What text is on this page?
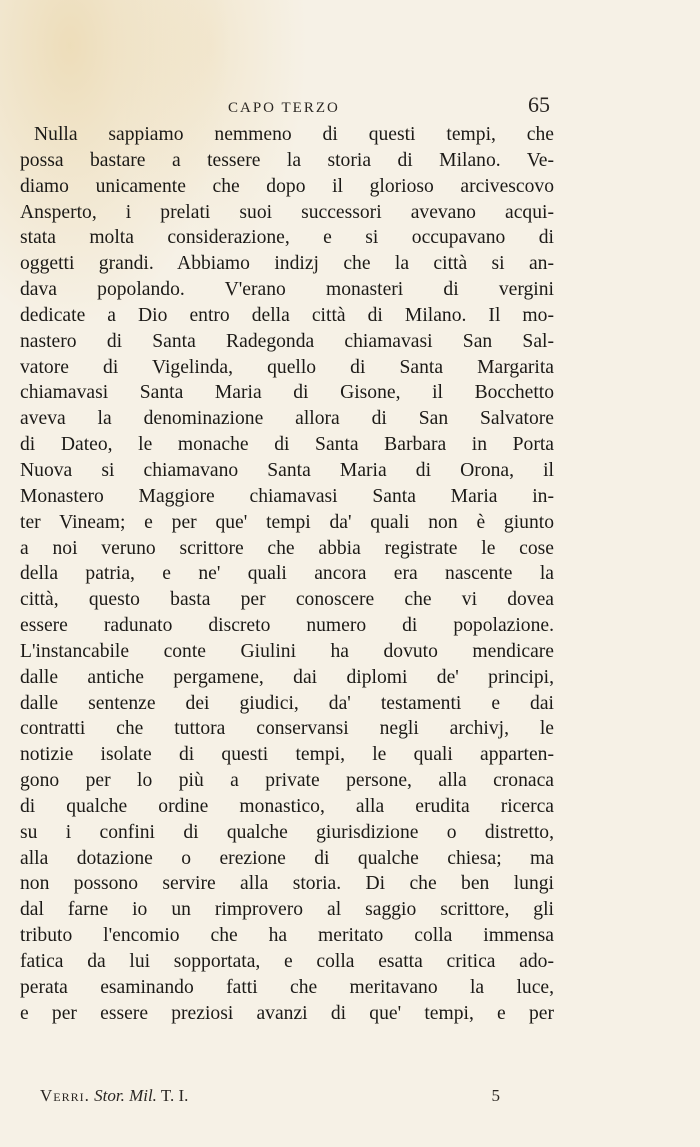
CAPO TERZO	65
Nulla sappiamo nemmeno di questi tempi, che
possa bastare a tessere la storia di Milano. Ve-
diamo unicamente che dopo il glorioso arcivescovo
Ansperto, i prelati suoi successori avevano acqui-
stata molta considerazione, e si occupavano di
oggetti grandi. Abbiamo indizj che la città si an-
dava popolando. V'erano monasteri di vergini
dedicate a Dio entro della città di Milano. Il mo-
nastero di Santa Radegonda chiamavasi San Sal-
vatore di Vigelinda, quello di Santa Margarita
chiamavasi Santa Maria di Gisone, il Bocchetto
aveva la denominazione allora di San Salvatore
di Dateo, le monache di Santa Barbara in Porta
Nuova si chiamavano Santa Maria di Orona, il
Monastero Maggiore chiamavasi Santa Maria in-
ter Vineam; e per que' tempi da' quali non è giunto
a noi veruno scrittore che abbia registrate le cose
della patria, e ne' quali ancora era nascente la
città, questo basta per conoscere che vi dovea
essere radunato discreto numero di popolazione.
L'instancabile conte Giulini ha dovuto mendicare
dalle antiche pergamene, dai diplomi de' principi,
dalle sentenze dei giudici, da' testamenti e dai
contratti che tuttora conservansi negli archivj, le
notizie isolate di questi tempi, le quali apparten-
gono per lo più a private persone, alla cronaca
di qualche ordine monastico, alla erudita ricerca
su i confini di qualche giurisdizione o distretto,
alla dotazione o erezione di qualche chiesa; ma
non possono servire alla storia. Di che ben lungi
dal farne io un rimprovero al saggio scrittore, gli
tributo l'encomio che ha meritato colla immensa
fatica da lui sopportata, e colla esatta critica ado-
perata esaminando fatti che meritavano la luce,
e per essere preziosi avanzi di que' tempi, e per
Verri. Stor. Mil. T. I.	5
